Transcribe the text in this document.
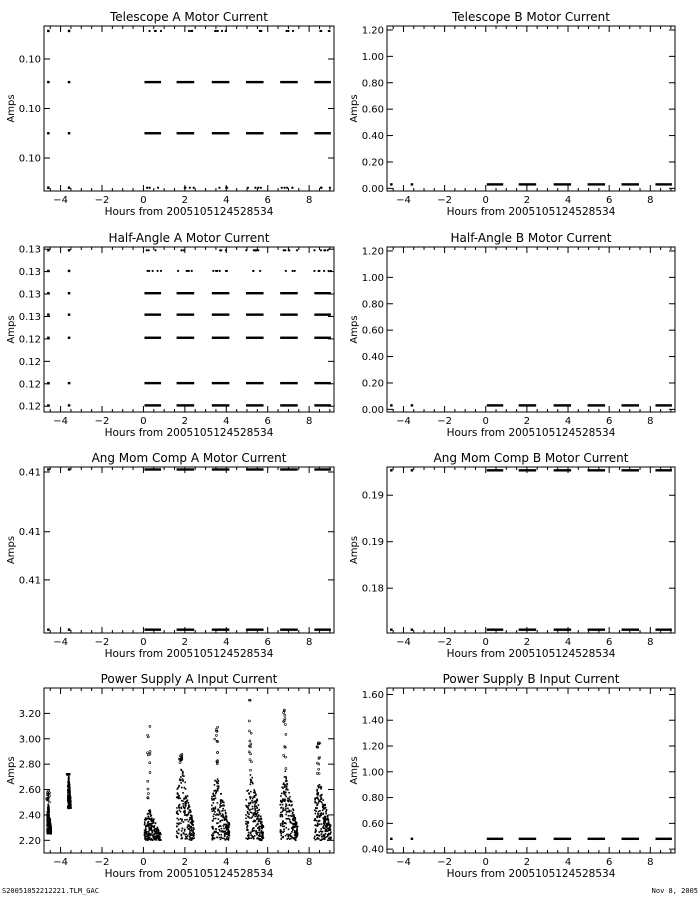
Telescope A Motor Current
−4	−2	0	2	4	6	8
Hours from 2005105124528534
0.10
0.10
0.10
Amps
Telescope B Motor Current
−4	−2	0	2	4	6	8
Hours from 2005105124528534
0.00
0.20
0.40
0.60
0.80
1.00
1.20
Amps
Half-Angle A Motor Current
−4	−2	0	2	4	6	8
Hours from 2005105124528534
0.12
0.12
0.12
0.12
0.13
0.13
0.13
0.13
Amps
Half-Angle B Motor Current
−4	−2	0	2	4	6	8
Hours from 2005105124528534
0.00
0.20
0.40
0.60
0.80
1.00
1.20
Amps
Ang Mom Comp A Motor Current
−4	−2	0	2	4	6	8
Hours from 2005105124528534
0.41
0.41
0.41
Amps
Ang Mom Comp B Motor Current
−4	−2	0	2	4	6	8
Hours from 2005105124528534
0.18
0.19
0.19
Amps
Power Supply A Input Current
−4	−2	0	2	4	6	8
Hours from 2005105124528534
2.20
2.40
2.60
2.80
3.00
3.20
Amps
Power Supply B Input Current
−4	−2	0	2	4	6	8
Hours from 2005105124528534
0.40
0.60
0.80
1.00
1.20
1.40
1.60
Amps
S20051052212221.TLM_GAC	Nov 8, 2005
